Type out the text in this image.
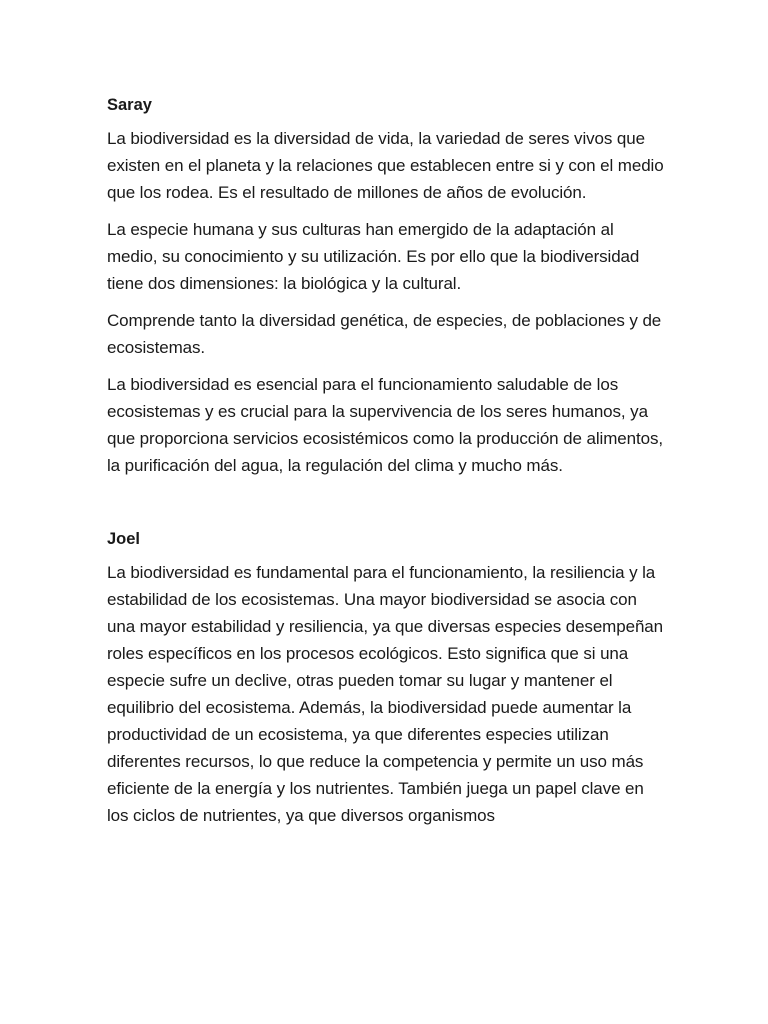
Saray

La biodiversidad es la diversidad de vida, la variedad de seres vivos que existen en el planeta y la relaciones que establecen entre si y con el medio que los rodea. Es el resultado de millones de años de evolución.

La especie humana y sus culturas han emergido de la adaptación al medio, su conocimiento y su utilización. Es por ello que la biodiversidad tiene dos dimensiones: la biológica y la cultural.

Comprende tanto la diversidad genética, de especies, de poblaciones y de ecosistemas.

La biodiversidad es esencial para el funcionamiento saludable de los ecosistemas y es crucial para la supervivencia de los seres humanos, ya que proporciona servicios ecosistémicos como la producción de alimentos, la purificación del agua, la regulación del clima y mucho más.

Joel

La biodiversidad es fundamental para el funcionamiento, la resiliencia y la estabilidad de los ecosistemas. Una mayor biodiversidad se asocia con una mayor estabilidad y resiliencia, ya que diversas especies desempeñan roles específicos en los procesos ecológicos. Esto significa que si una especie sufre un declive, otras pueden tomar su lugar y mantener el equilibrio del ecosistema. Además, la biodiversidad puede aumentar la productividad de un ecosistema, ya que diferentes especies utilizan diferentes recursos, lo que reduce la competencia y permite un uso más eficiente de la energía y los nutrientes. También juega un papel clave en los ciclos de nutrientes, ya que diversos organismos
